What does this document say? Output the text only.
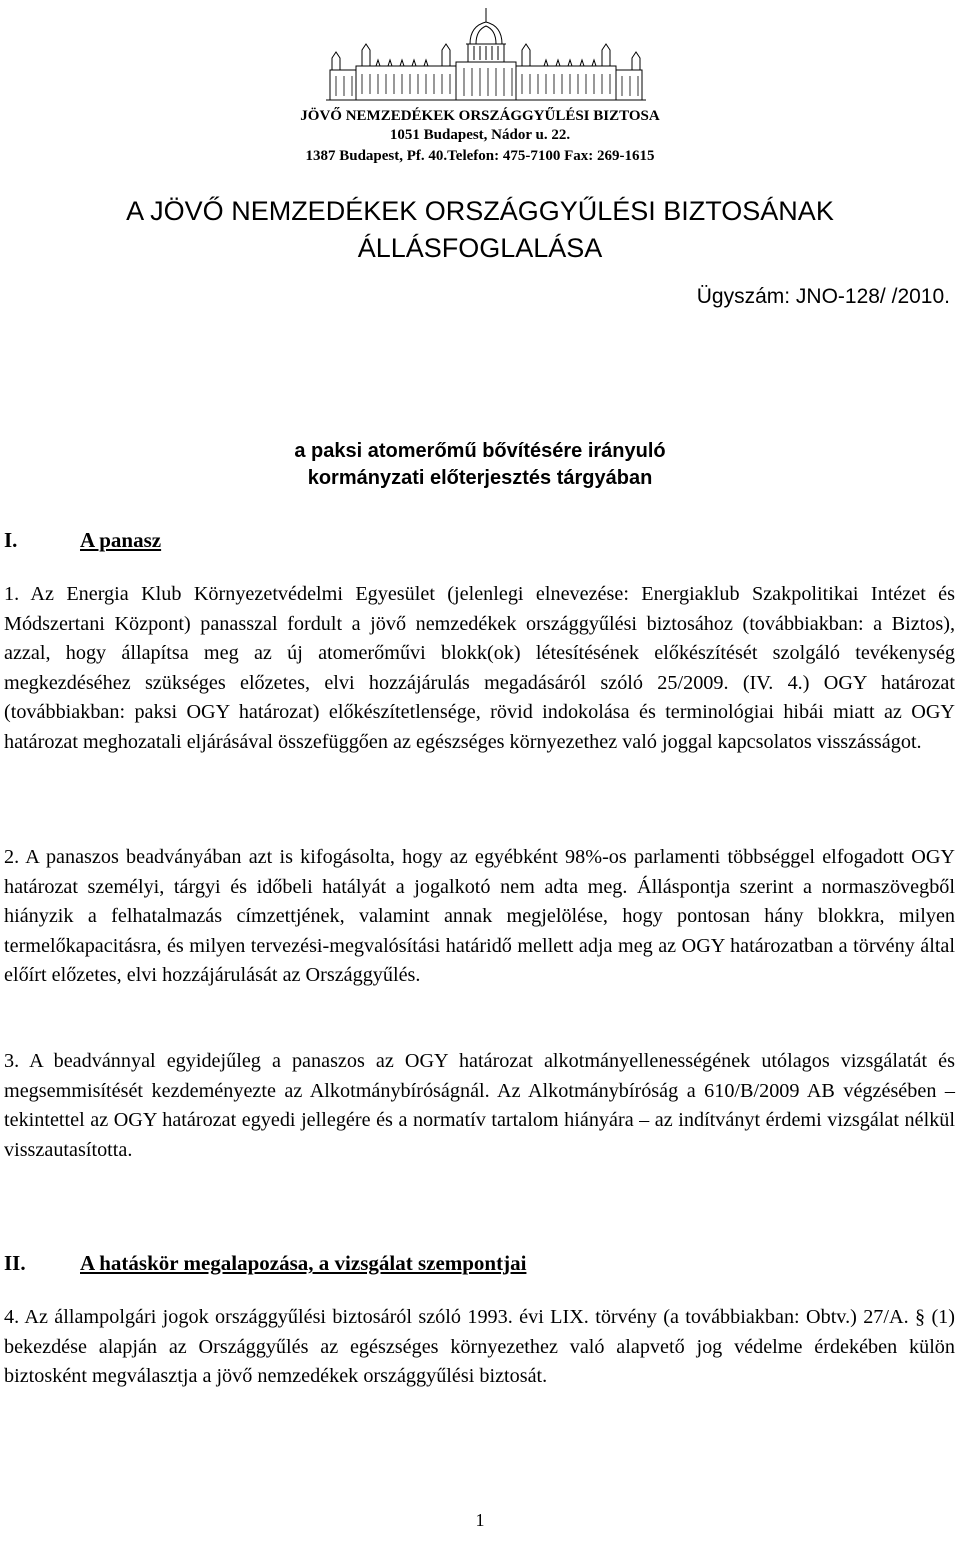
JÖVŐ NEMZEDÉKEK ORSZÁGGYŰLÉSI BIZTOSA
1051 Budapest, Nádor u. 22.
1387 Budapest, Pf. 40.Telefon: 475-7100 Fax: 269-1615
A JÖVŐ NEMZEDÉKEK ORSZÁGGYŰLÉSI BIZTOSÁNAK
ÁLLÁSFOGLALÁSA
Ügyszám: JNO-128/ /2010.
a paksi atomerőmű bővítésére irányuló
kormányzati előterjesztés tárgyában
I.	A panasz
1. Az Energia Klub Környezetvédelmi Egyesület (jelenlegi elnevezése: Energiaklub Szakpolitikai Intézet és Módszertani Központ) panasszal fordult a jövő nemzedékek országgyűlési biztosához (továbbiakban: a Biztos), azzal, hogy állapítsa meg az új atomerőművi blokk(ok) létesítésének előkészítését szolgáló tevékenység megkezdéséhez szükséges előzetes, elvi hozzájárulás megadásáról szóló 25/2009. (IV. 4.) OGY határozat (továbbiakban: paksi OGY határozat) előkészítetlensége, rövid indokolása és terminológiai hibái miatt az OGY határozat meghozatali eljárásával összefüggően az egészséges környezethez való joggal kapcsolatos visszásságot.
2. A panaszos beadványában azt is kifogásolta, hogy az egyébként 98%-os parlamenti többséggel elfogadott OGY határozat személyi, tárgyi és időbeli hatályát a jogalkotó nem adta meg. Álláspontja szerint a normaszövegből hiányzik a felhatalmazás címzettjének, valamint annak megjelölése, hogy pontosan hány blokkra, milyen termelőkapacitásra, és milyen tervezési-megvalósítási határidő mellett adja meg az OGY határozatban a törvény által előírt előzetes, elvi hozzájárulását az Országgyűlés.
3. A beadvánnyal egyidejűleg a panaszos az OGY határozat alkotmányellenességének utólagos vizsgálatát és megsemmisítését kezdeményezte az Alkotmánybíróságnál. Az Alkotmánybíróság a 610/B/2009 AB végzésében – tekintettel az OGY határozat egyedi jellegére és a normatív tartalom hiányára – az indítványt érdemi vizsgálat nélkül visszautasította.
II.	A hatáskör megalapozása, a vizsgálat szempontjai
4. Az állampolgári jogok országgyűlési biztosáról szóló 1993. évi LIX. törvény (a továbbiakban: Obtv.) 27/A. § (1) bekezdése alapján az Országgyűlés az egészséges környezethez való alapvető jog védelme érdekében külön biztosként megválasztja a jövő nemzedékek országgyűlési biztosát.
1
